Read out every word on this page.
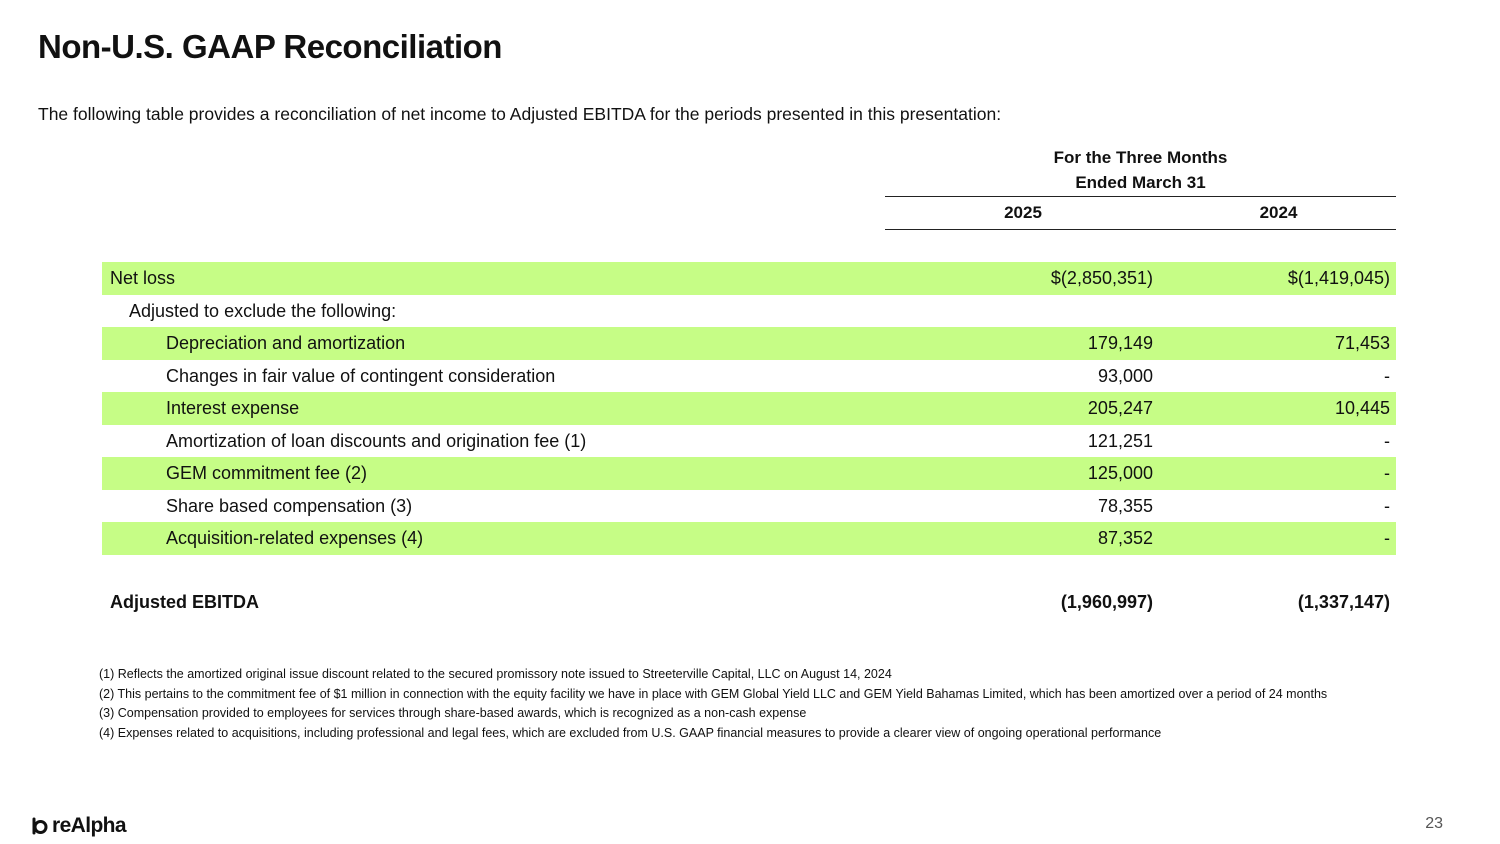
Non-U.S. GAAP Reconciliation
The following table provides a reconciliation of net income to Adjusted EBITDA for the periods presented in this presentation:
For the Three Months
Ended March 31
2025	2024
Net loss	$(2,850,351)	$(1,419,045)
Adjusted to exclude the following:
Depreciation and amortization	179,149	71,453
Changes in fair value of contingent consideration	93,000	-
Interest expense	205,247	10,445
Amortization of loan discounts and origination fee (1)	121,251	-
GEM commitment fee (2)	125,000	-
Share based compensation (3)	78,355	-
Acquisition-related expenses (4)	87,352	-
Adjusted EBITDA	(1,960,997)	(1,337,147)
(1) Reflects the amortized original issue discount related to the secured promissory note issued to Streeterville Capital, LLC on August 14, 2024
(2) This pertains to the commitment fee of $1 million in connection with the equity facility we have in place with GEM Global Yield LLC and GEM Yield Bahamas Limited, which has been amortized over a period of 24 months
(3) Compensation provided to employees for services through share-based awards, which is recognized as a non-cash expense
(4) Expenses related to acquisitions, including professional and legal fees, which are excluded from U.S. GAAP financial measures to provide a clearer view of ongoing operational performance
reAlpha	23
